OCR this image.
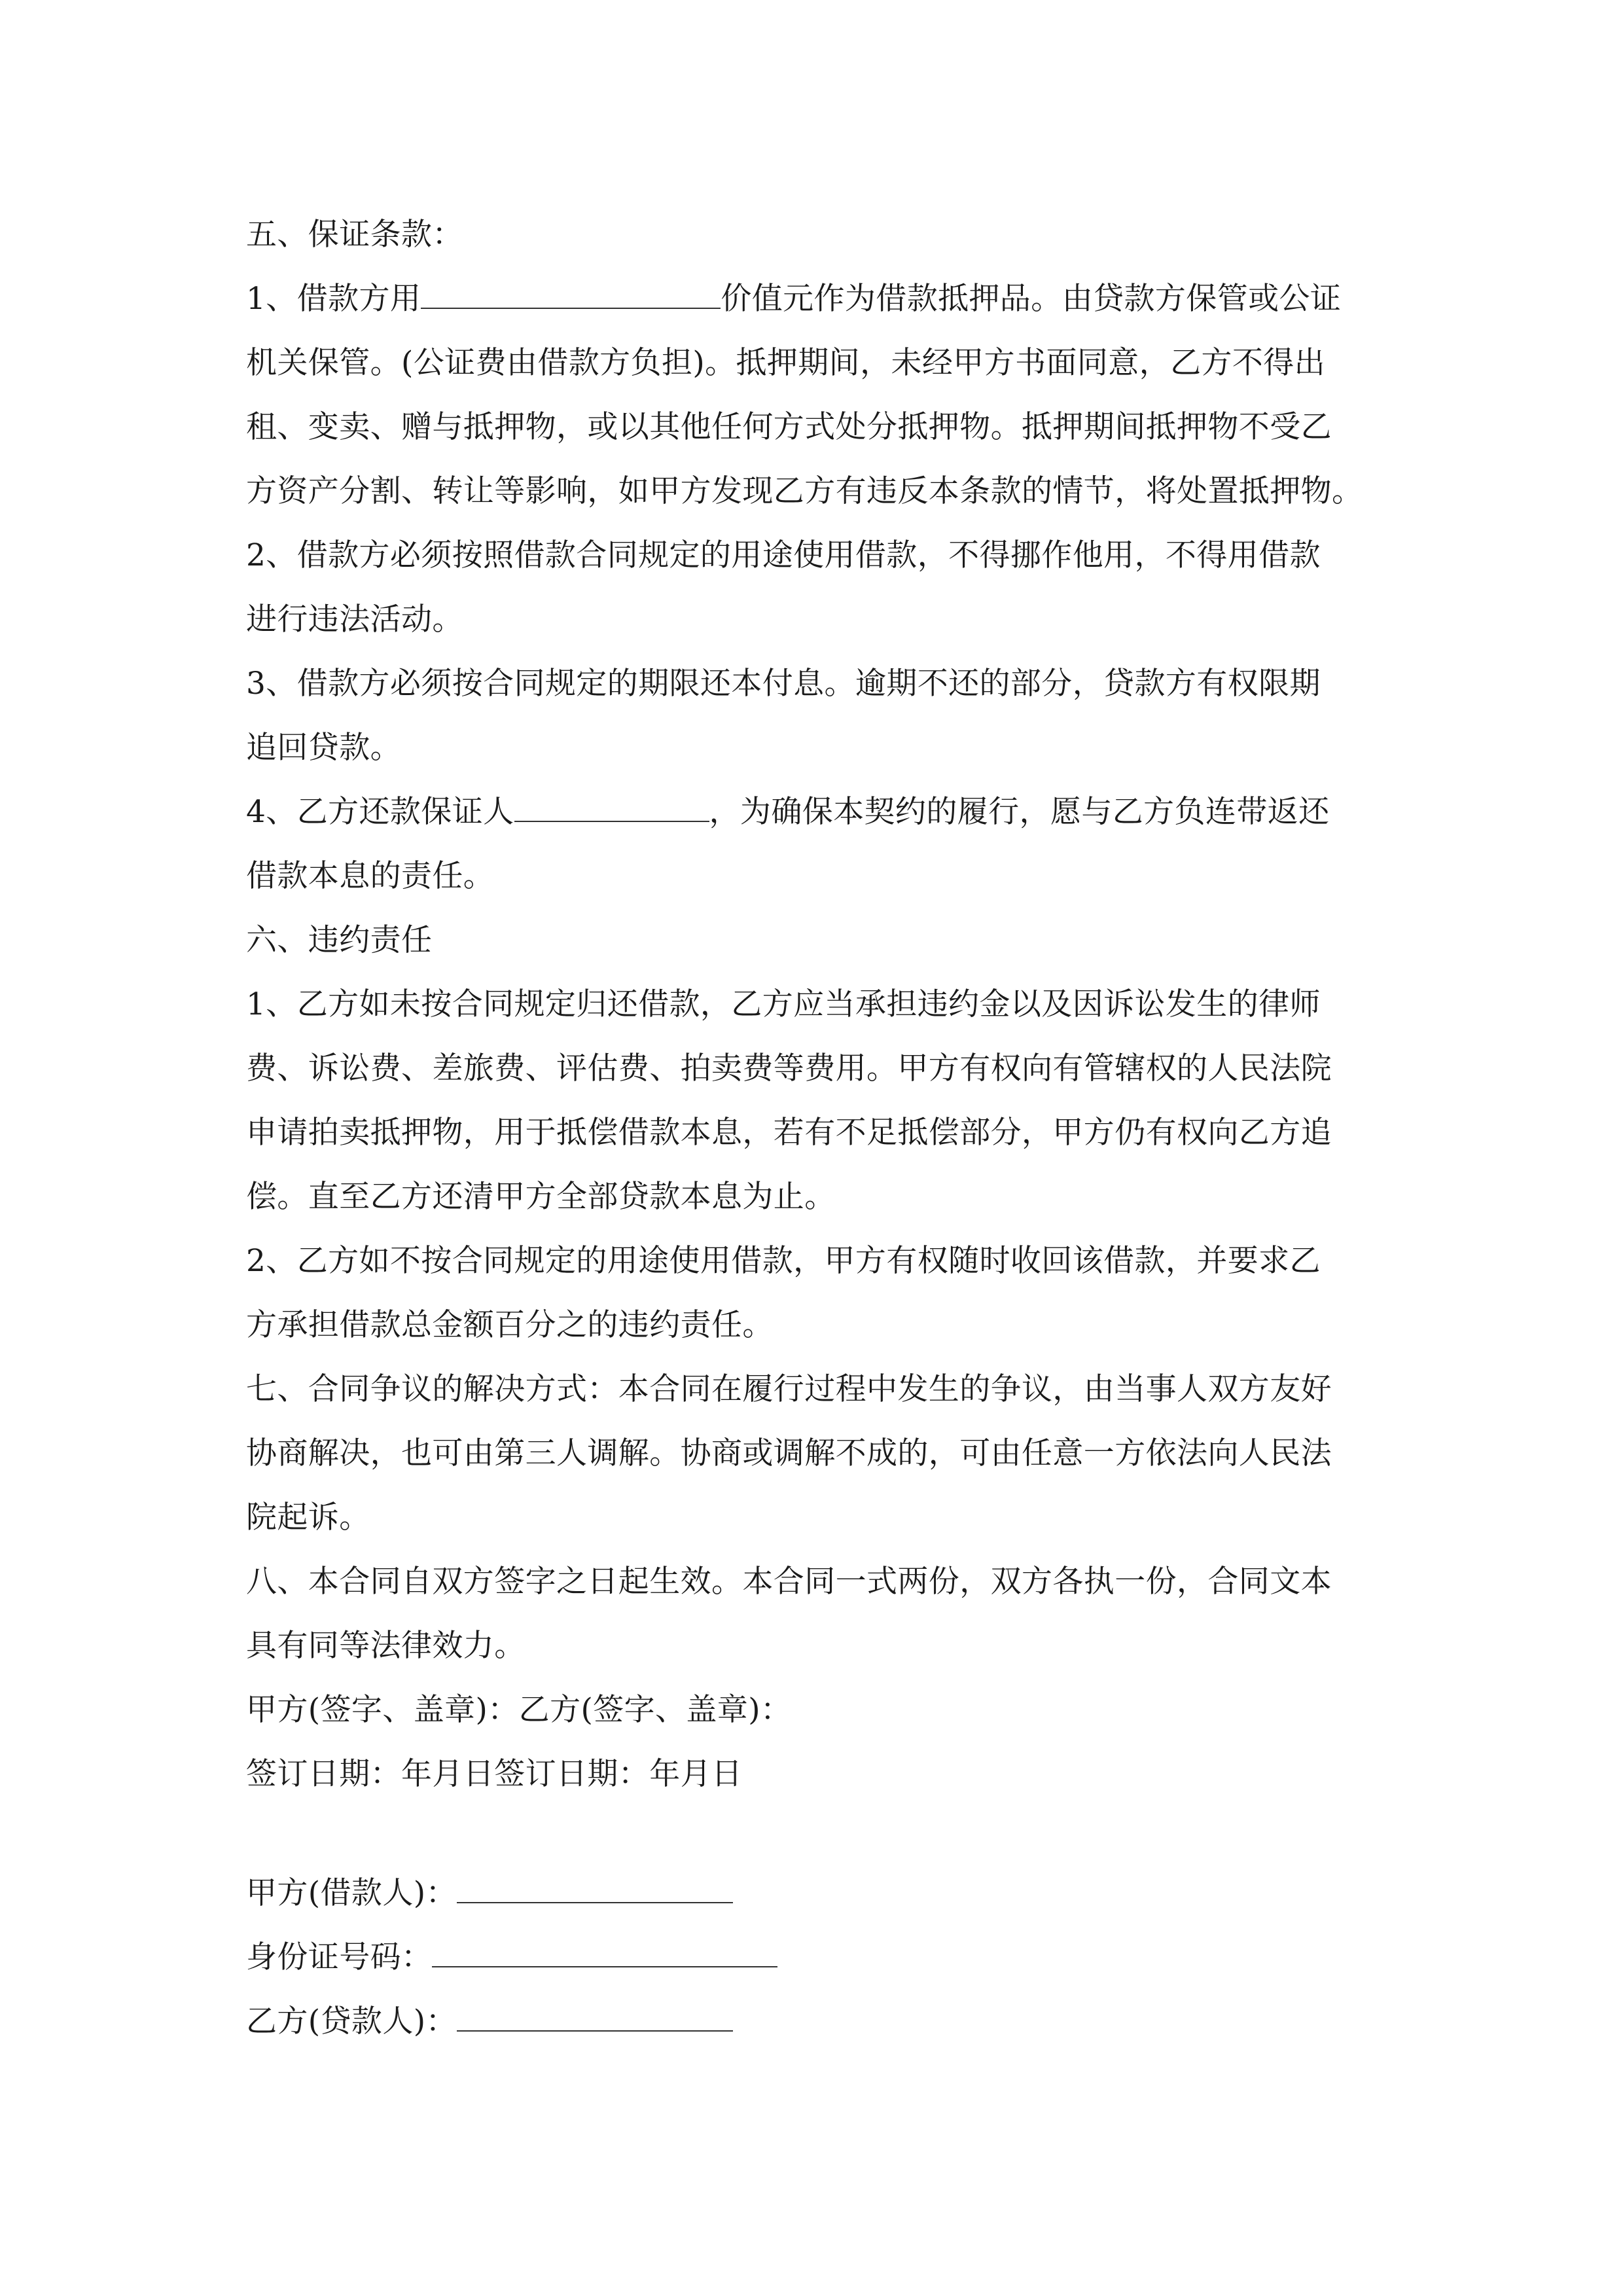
五、保证条款：
1、借款方用	价值元作为借款抵押品。由贷款方保管或公证
机关保管。(公证费由借款方负担)。抵押期间，未经甲方书面同意，乙方不得出
租、变卖、赠与抵押物，或以其他任何方式处分抵押物。抵押期间抵押物不受乙
方资产分割、转让等影响，如甲方发现乙方有违反本条款的情节，将处置抵押物。
2、借款方必须按照借款合同规定的用途使用借款，不得挪作他用，不得用借款
进行违法活动。
3、借款方必须按合同规定的期限还本付息。逾期不还的部分，贷款方有权限期
追回贷款。
4、乙方还款保证人	，为确保本契约的履行，愿与乙方负连带返还
借款本息的责任。
六、违约责任
1、乙方如未按合同规定归还借款，乙方应当承担违约金以及因诉讼发生的律师
费、诉讼费、差旅费、评估费、拍卖费等费用。甲方有权向有管辖权的人民法院
申请拍卖抵押物，用于抵偿借款本息，若有不足抵偿部分，甲方仍有权向乙方追
偿。直至乙方还清甲方全部贷款本息为止。
2、乙方如不按合同规定的用途使用借款，甲方有权随时收回该借款，并要求乙
方承担借款总金额百分之的违约责任。
七、合同争议的解决方式：本合同在履行过程中发生的争议，由当事人双方友好
协商解决，也可由第三人调解。协商或调解不成的，可由任意一方依法向人民法
院起诉。
八、本合同自双方签字之日起生效。本合同一式两份，双方各执一份，合同文本
具有同等法律效力。
甲方(签字、盖章)：乙方(签字、盖章)：
签订日期：年月日签订日期：年月日
甲方(借款人)：
身份证号码：
乙方(贷款人)：
